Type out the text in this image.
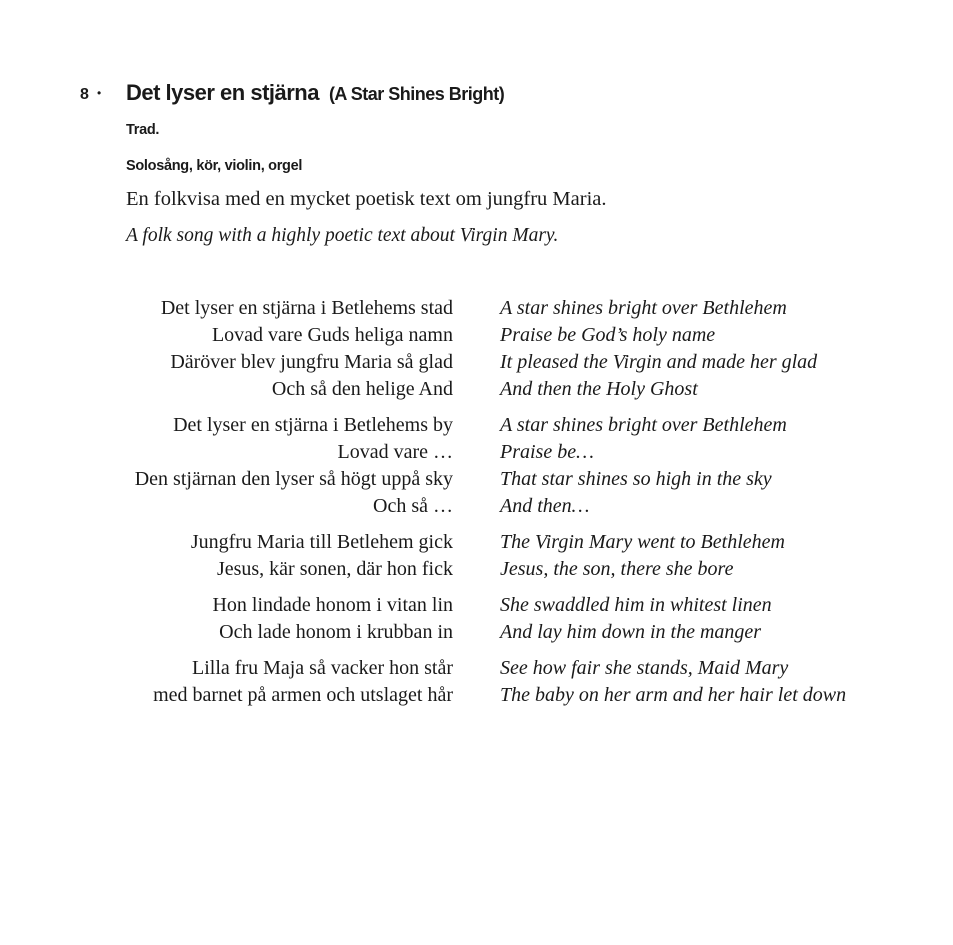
8 • Det lyser en stjärna (A Star Shines Bright)
Trad.
Solosång, kör, violin, orgel
En folkvisa med en mycket poetisk text om jungfru Maria.
A folk song with a highly poetic text about Virgin Mary.
Det lyser en stjärna i Betlehems stad
Lovad vare Guds heliga namn
Däröver blev jungfru Maria så glad
Och så den helige And
Det lyser en stjärna i Betlehems by
Lovad vare …
Den stjärnan den lyser så högt uppå sky
Och så …
Jungfru Maria till Betlehem gick
Jesus, kär sonen, där hon fick
Hon lindade honom i vitan lin
Och lade honom i krubban in
Lilla fru Maja så vacker hon står
med barnet på armen och utslaget hår
A star shines bright over Bethlehem
Praise be God’s holy name
It pleased the Virgin and made her glad
And then the Holy Ghost
A star shines bright over Bethlehem
Praise be…
That star shines so high in the sky
And then…
The Virgin Mary went to Bethlehem
Jesus, the son, there she bore
She swaddled him in whitest linen
And lay him down in the manger
See how fair she stands, Maid Mary
The baby on her arm and her hair let down
